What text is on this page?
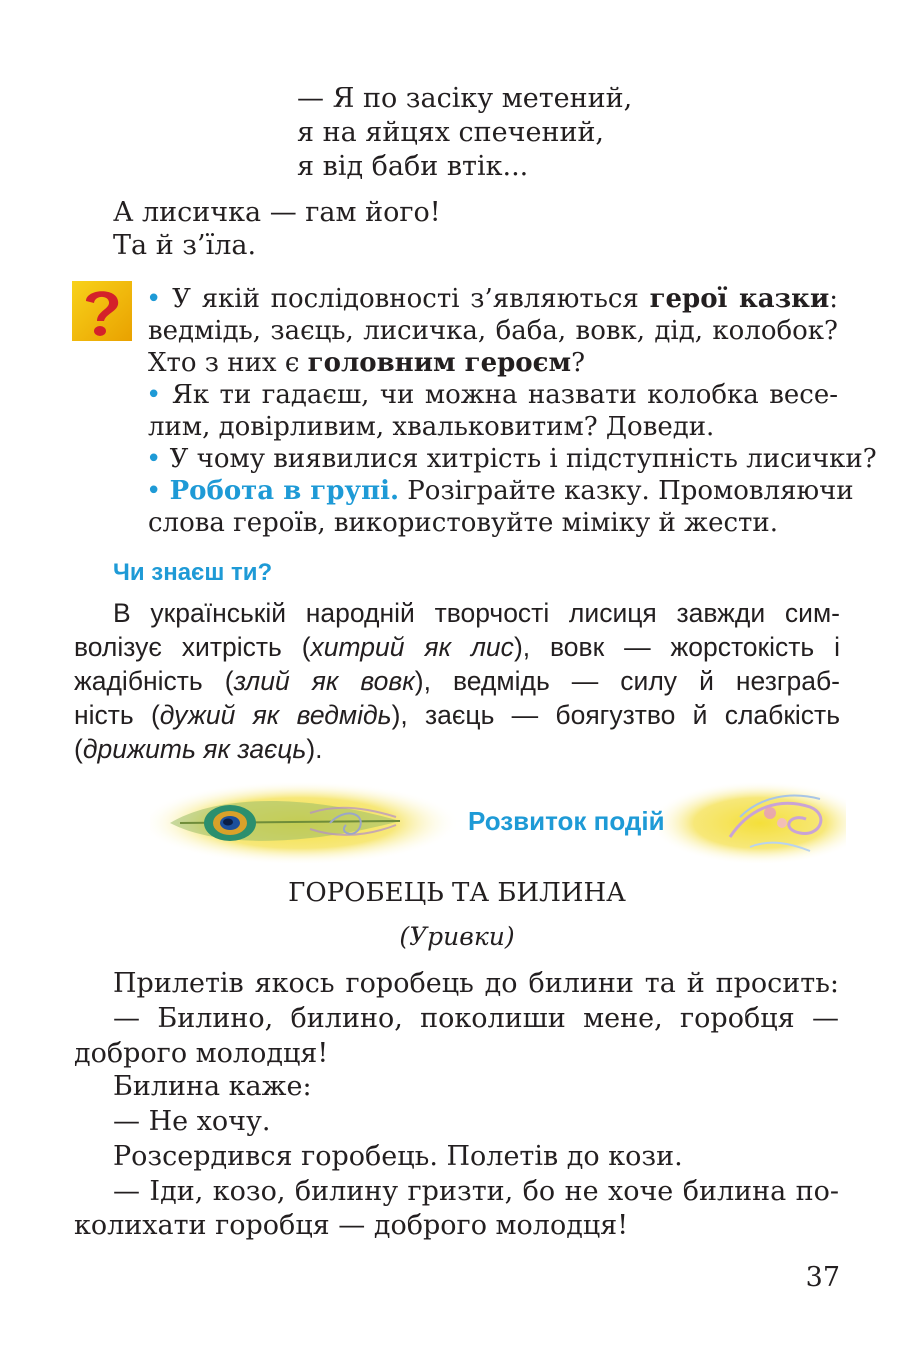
— Я по засіку метений,
я на яйцях спечений,
я від баби втік...
А лисичка — гам його!
Та й з’їла.
• У якій послідовності з’являються герої казки:
ведмідь, заєць, лисичка, баба, вовк, дід, колобок?
Хто з них є головним героєм?
• Як ти гадаєш, чи можна назвати колобка весе-
лим, довірливим, хвальковитим? Доведи.
• У чому виявилися хитрість і підступність лисички?
• Робота в групі. Розіграйте казку. Промовляючи
слова героїв, використовуйте міміку й жести.
Чи знаєш ти?
В українській народній творчості лисиця завжди сим-
волізує хитрість (хитрий як лис), вовк — жорстокість і
жадібність (злий як вовк), ведмідь — силу й незграб-
ність (дужий як ведмідь), заєць — боягузтво й слабкість
(дрижить як заєць).
Розвиток подій
ГОРОБЕЦЬ ТА БИЛИНА
(Уривки)
Прилетів якось горобець до билини та й просить:
— Билино, билино, поколиши мене, горобця —
доброго молодця!
Билина каже:
— Не хочу.
Розсердився горобець. Полетів до кози.
— Іди, козо, билину гризти, бо не хоче билина по-
колихати горобця — доброго молодця!
37
